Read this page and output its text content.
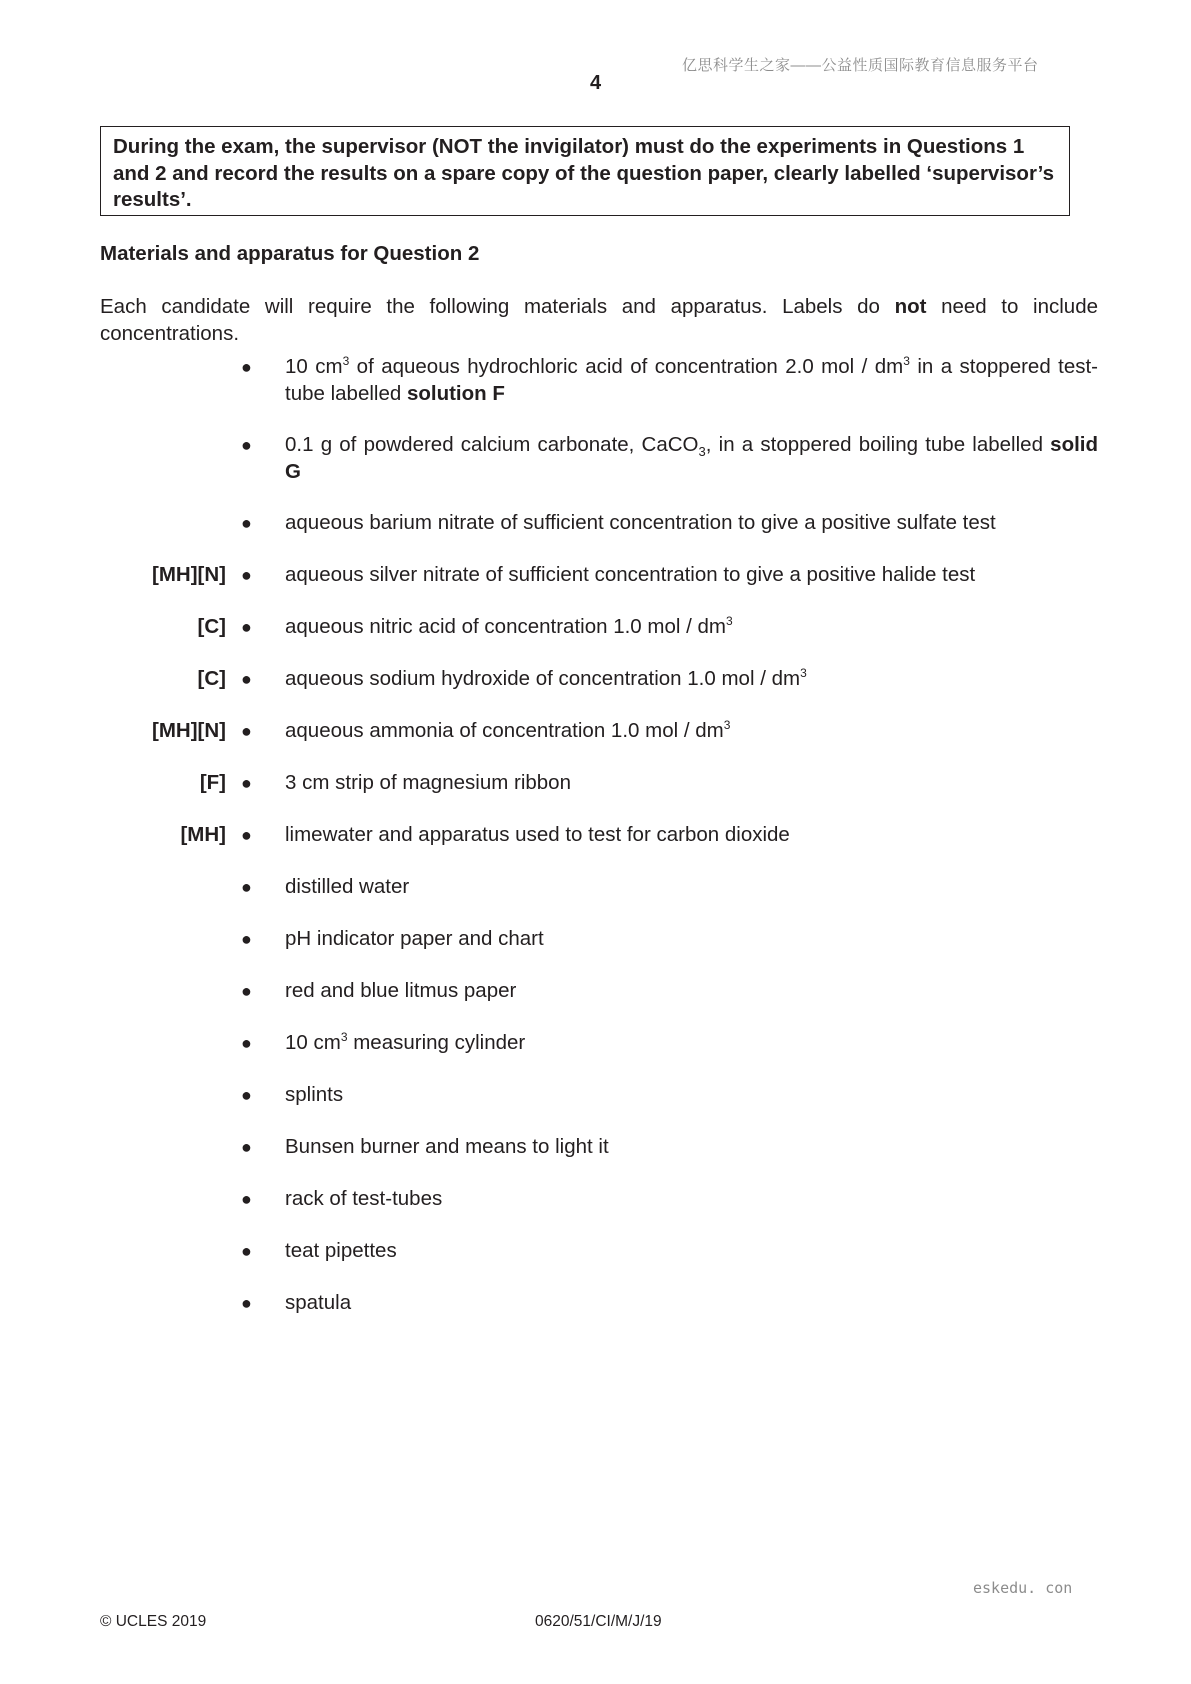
亿思科学生之家——公益性质国际教育信息服务平台
4
During the exam, the supervisor (NOT the invigilator) must do the experiments in Questions 1 and 2 and record the results on a spare copy of the question paper, clearly labelled ‘supervisor’s results’.
Materials and apparatus for Question 2
Each candidate will require the following materials and apparatus. Labels do not need to include concentrations.
● 10 $cm^3$ of aqueous hydrochloric acid of concentration 2.0 mol / $dm^3$ in a stoppered test-tube labelled solution F
● 0.1 g of powdered calcium carbonate, CaCO$_3$, in a stoppered boiling tube labelled solid G
● aqueous barium nitrate of sufficient concentration to give a positive sulfate test
[MH][N] ● aqueous silver nitrate of sufficient concentration to give a positive halide test
[C] ● aqueous nitric acid of concentration 1.0 mol / $dm^3$
[C] ● aqueous sodium hydroxide of concentration 1.0 mol / $dm^3$
[MH][N] ● aqueous ammonia of concentration 1.0 mol / $dm^3$
[F] ● 3 cm strip of magnesium ribbon
[MH] ● limewater and apparatus used to test for carbon dioxide
● distilled water
● pH indicator paper and chart
● red and blue litmus paper
● 10 $cm^3$ measuring cylinder
● splints
● Bunsen burner and means to light it
● rack of test-tubes
● teat pipettes
● spatula
eskedu. con
© UCLES 2019	0620/51/CI/M/J/19
